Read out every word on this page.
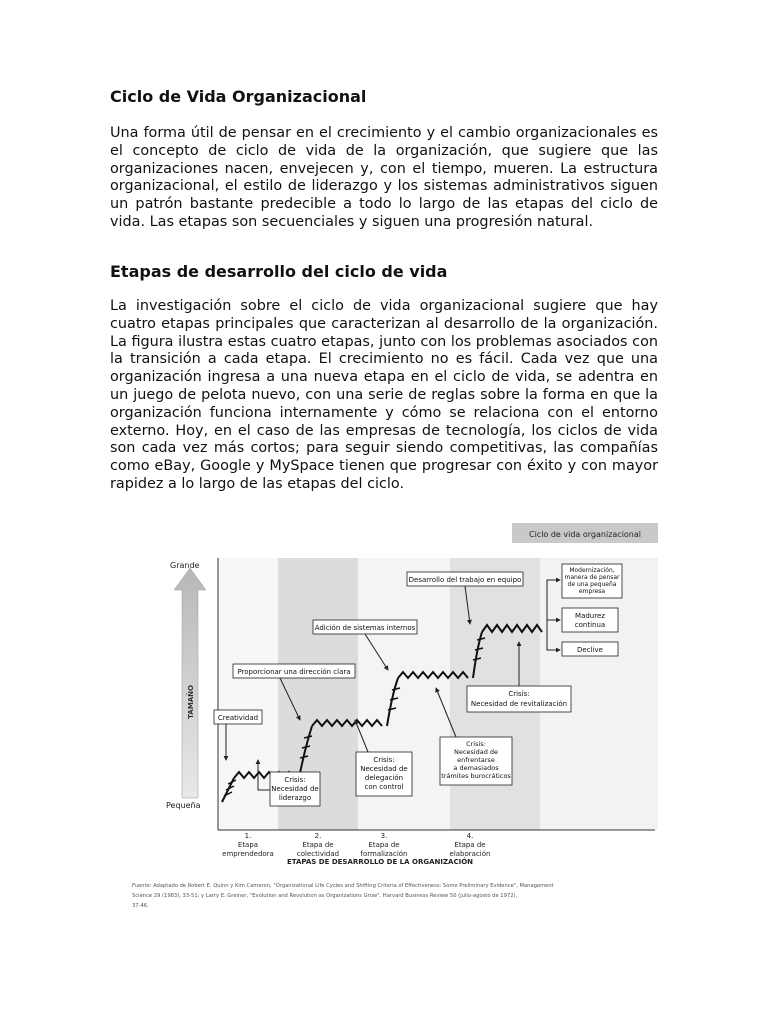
Ciclo de Vida Organizacional

Una forma útil de pensar en el crecimiento y el cambio organizacionales es el concepto de ciclo de vida de la organización, que sugiere que las organizaciones nacen, envejecen y, con el tiempo, mueren. La estructura organizacional, el estilo de liderazgo y los sistemas administrativos siguen un patrón bastante predecible a todo lo largo de las etapas del ciclo de vida. Las etapas son secuenciales y siguen una progresión natural.

Etapas de desarrollo del ciclo de vida

La investigación sobre el ciclo de vida organizacional sugiere que hay cuatro etapas principales que caracterizan al desarrollo de la organización. La figura ilustra estas cuatro etapas, junto con los problemas asociados con la transición a cada etapa. El crecimiento no es fácil. Cada vez que una organización ingresa a una nueva etapa en el ciclo de vida, se adentra en un juego de pelota nuevo, con una serie de reglas sobre la forma en que la organización funciona internamente y cómo se relaciona con el entorno externo. Hoy, en el caso de las empresas de tecnología, los ciclos de vida son cada vez más cortos; para seguir siendo competitivas, las compañías como eBay, Google y MySpace tienen que progresar con éxito y con mayor rapidez a lo largo de las etapas del ciclo.

Ciclo de vida organizacional
Grande
Pequeña
TAMAÑO	Creatividad
Proporcionar una dirección clara
Adición de sistemas internos
Desarrollo del trabajo en equipo
Crisis:
Necesidad de
liderazgo
Crisis:
Necesidad de
delegación
con control
Crisis:
Necesidad de
enfrentarse
a demasiados
trámites burocráticos
Crisis:
Necesidad de revitalización
Modernización,
manera de pensar
de una pequeña
empresa
Madurez
continua
Declive
1.
Etapa
emprendedora
2.
Etapa de
colectividad
3.
Etapa de
formalización
4.
Etapa de
elaboración
ETAPAS DE DESARROLLO DE LA ORGANIZACIÓN
Fuente: Adaptado de Robert E. Quinn y Kim Cameron, "Organizational Life Cycles and Shifting Criteria of Effectiveness: Some Preliminary Evidence", Management
Science 29 (1983), 33-51; y Larry E. Greiner, "Evolution and Revolution as Organizations Grow", Harvard Business Review 50 (julio-agosto de 1972),
37-46.
